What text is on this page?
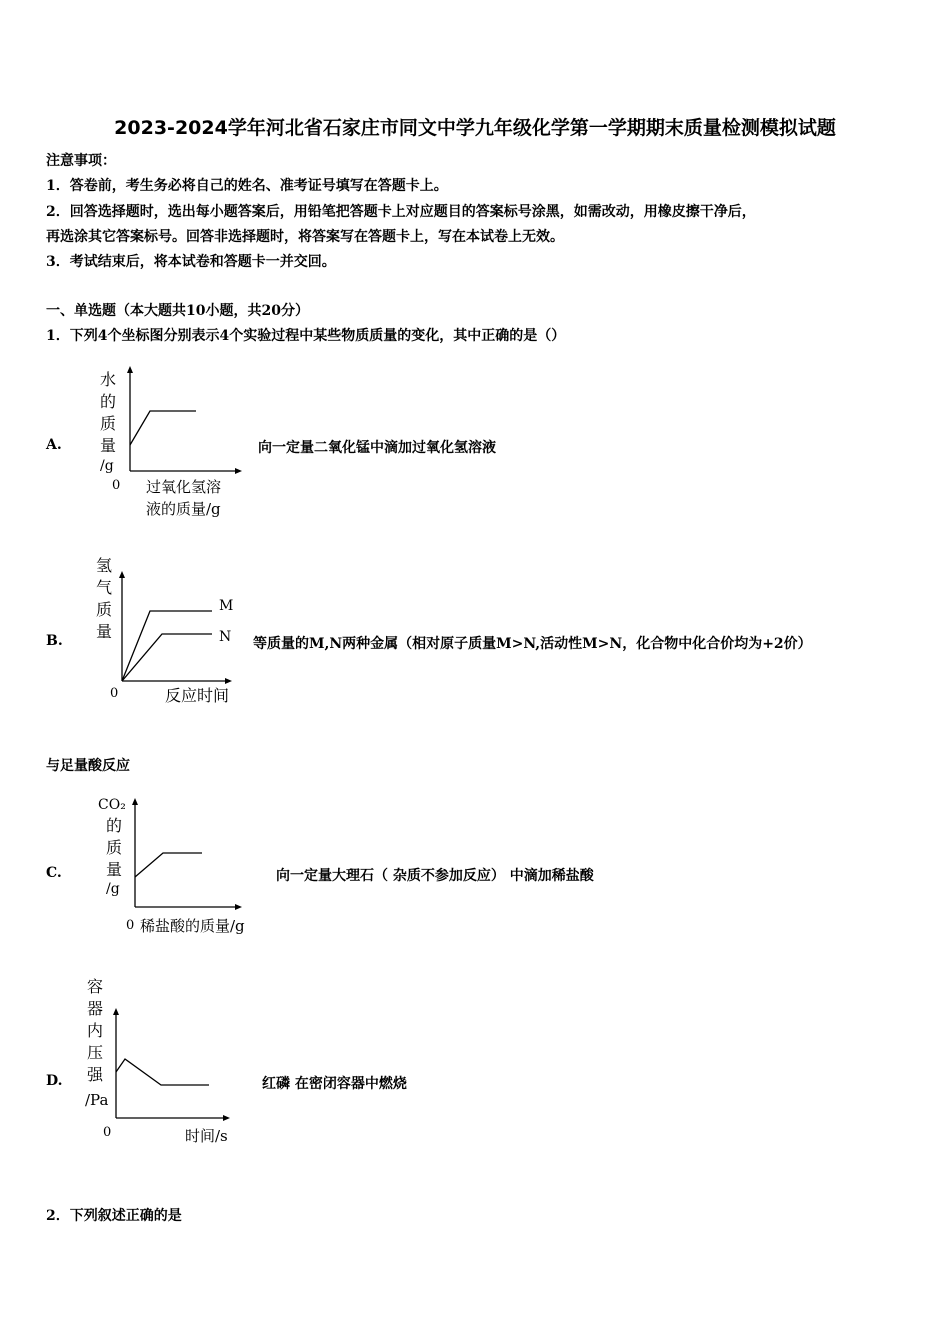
2023-2024学年河北省石家庄市同文中学九年级化学第一学期期末质量检测模拟试题
注意事项：
1．答卷前，考生务必将自己的姓名、准考证号填写在答题卡上。
2．回答选择题时，选出每小题答案后，用铅笔把答题卡上对应题目的答案标号涂黑，如需改动，用橡皮擦干净后，
再选涂其它答案标号。回答非选择题时，将答案写在答题卡上，写在本试卷上无效。
3．考试结束后，将本试卷和答题卡一并交回。
一、单选题（本大题共10小题，共20分）
1．下列4个坐标图分别表示4个实验过程中某些物质质量的变化，其中正确的是（）
A.
水
的
质
量
/g
0 过氧化氢溶
液的质量/g
向一定量二氧化锰中滴加过氧化氢溶液
B.
氢
气
质
量
M
N
0	反应时间
等质量的M,N两种金属（相对原子质量M>N,活动性M>N，化合物中化合价均为+2价）
与足量酸反应
C.
CO₂
的
质
量
/g
0 稀盐酸的质量/g
向一定量大理石（ 杂质不参加反应） 中滴加稀盐酸
D.
容
器
内
压
强
/Pa
0	时间/s
红磷 在密闭容器中燃烧
2．下列叙述正确的是
